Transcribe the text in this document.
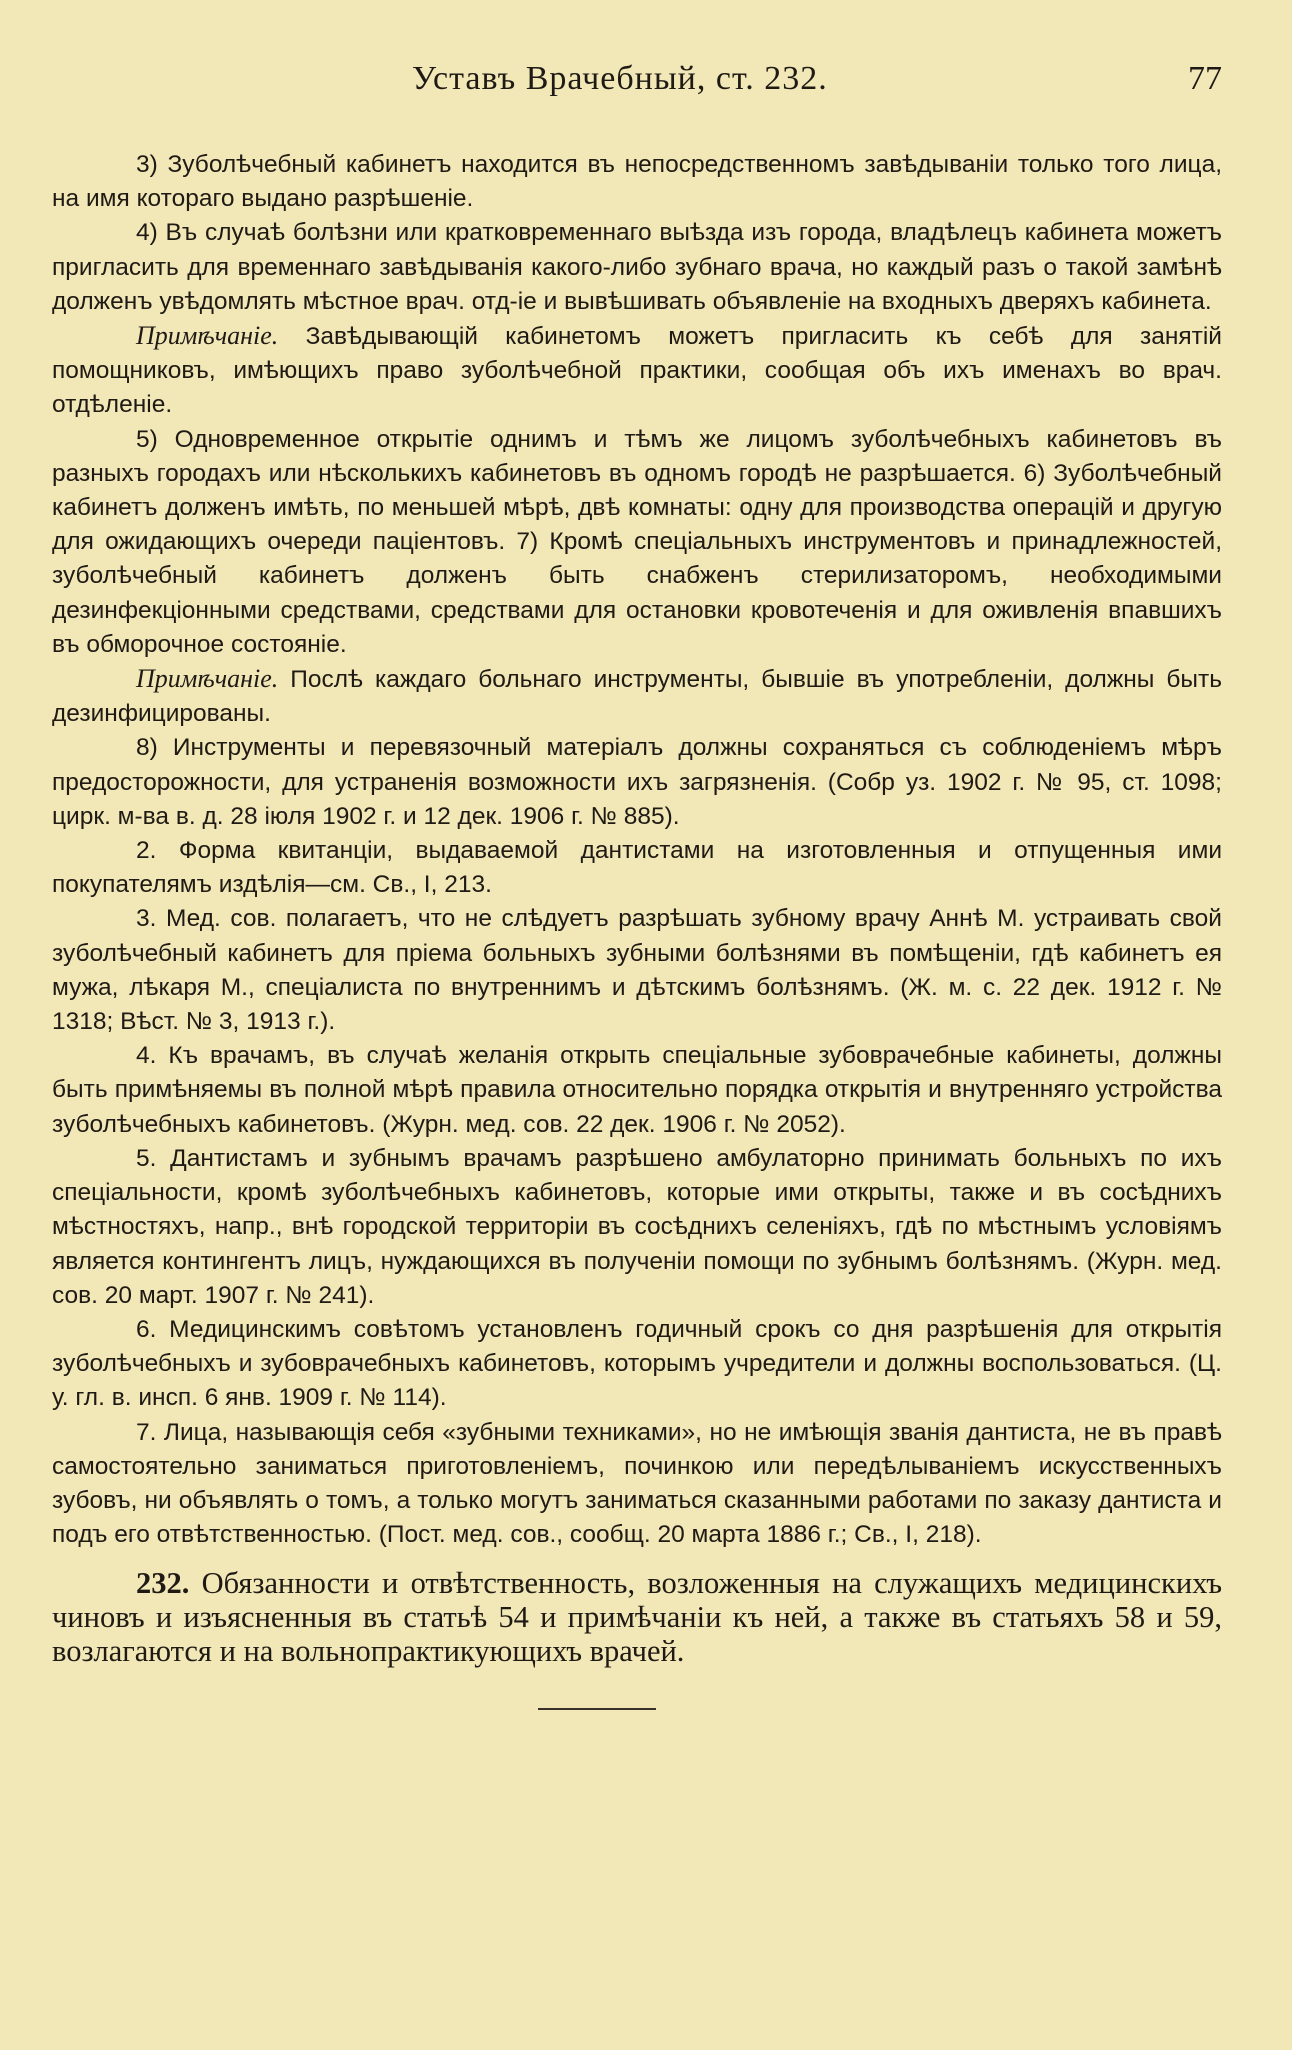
Уставъ Врачебный, ст. 232.	77

3) Зуболѣчебный кабинетъ находится въ непосредственномъ завѣдываніи только того лица, на имя котораго выдано разрѣшеніе.

4) Въ случаѣ болѣзни или кратковременнаго выѣзда изъ города, владѣлецъ кабинета можетъ пригласить для временнаго завѣдыванія какого-либо зубнаго врача, но каждый разъ о такой замѣнѣ долженъ увѣдомлять мѣстное врач. отд-іе и вывѣшивать объявленіе на входныхъ дверяхъ кабинета.

Примѣчаніе. Завѣдывающій кабинетомъ можетъ пригласить къ себѣ для занятій помощниковъ, имѣющихъ право зуболѣчебной практики, сообщая объ ихъ именахъ во врач. отдѣленіе.

5) Одновременное открытіе однимъ и тѣмъ же лицомъ зуболѣчебныхъ кабинетовъ въ разныхъ городахъ или нѣсколькихъ кабинетовъ въ одномъ городѣ не разрѣшается. 6) Зуболѣчебный кабинетъ долженъ имѣть, по меньшей мѣрѣ, двѣ комнаты: одну для производства операцій и другую для ожидающихъ очереди паціентовъ. 7) Кромѣ спеціальныхъ инструментовъ и принадлежностей, зуболѣчебный кабинетъ долженъ быть снабженъ стерилизаторомъ, необходимыми дезинфекціонными средствами, средствами для остановки кровотеченія и для оживленія впавшихъ въ обморочное состояніе.

Примѣчаніе. Послѣ каждаго больнаго инструменты, бывшіе въ употребленіи, должны быть дезинфицированы.

8) Инструменты и перевязочный матеріалъ должны сохраняться съ соблюденіемъ мѣръ предосторожности, для устраненія возможности ихъ загрязненія. (Собр уз. 1902 г. № 95, ст. 1098; цирк. м-ва в. д. 28 іюля 1902 г. и 12 дек. 1906 г. № 885).

2. Форма квитанціи, выдаваемой дантистами на изготовленныя и отпущенныя ими покупателямъ издѣлія—см. Св., I, 213.

3. Мед. сов. полагаетъ, что не слѣдуетъ разрѣшать зубному врачу Аннѣ М. устраивать свой зуболѣчебный кабинетъ для пріема больныхъ зубными болѣзнями въ помѣщеніи, гдѣ кабинетъ ея мужа, лѣкаря М., спеціалиста по внутреннимъ и дѣтскимъ болѣзнямъ. (Ж. м. с. 22 дек. 1912 г. № 1318; Вѣст. № 3, 1913 г.).

4. Къ врачамъ, въ случаѣ желанія открыть спеціальные зубоврачебные кабинеты, должны быть примѣняемы въ полной мѣрѣ правила относительно порядка открытія и внутренняго устройства зуболѣчебныхъ кабинетовъ. (Журн. мед. сов. 22 дек. 1906 г. № 2052).

5. Дантистамъ и зубнымъ врачамъ разрѣшено амбулаторно принимать больныхъ по ихъ спеціальности, кромѣ зуболѣчебныхъ кабинетовъ, которые ими открыты, также и въ сосѣднихъ мѣстностяхъ, напр., внѣ городской территоріи въ сосѣднихъ селеніяхъ, гдѣ по мѣстнымъ условіямъ является контингентъ лицъ, нуждающихся въ полученіи помощи по зубнымъ болѣзнямъ. (Журн. мед. сов. 20 март. 1907 г. № 241).

6. Медицинскимъ совѣтомъ установленъ годичный срокъ со дня разрѣшенія для открытія зуболѣчебныхъ и зубоврачебныхъ кабинетовъ, которымъ учредители и должны воспользоваться. (Ц. у. гл. в. инсп. 6 янв. 1909 г. № 114).

7. Лица, называющія себя «зубными техниками», но не имѣющія званія дантиста, не въ правѣ самостоятельно заниматься приготовленіемъ, починкою или передѣлываніемъ искусственныхъ зубовъ, ни объявлять о томъ, а только могутъ заниматься сказанными работами по заказу дантиста и подъ его отвѣтственностью. (Пост. мед. сов., сообщ. 20 марта 1886 г.; Св., I, 218).

232. Обязанности и отвѣтственность, возложенныя на служащихъ медицинскихъ чиновъ и изъясненныя въ статьѣ 54 и примѣчаніи къ ней, а также въ статьяхъ 58 и 59, возлагаются и на вольнопрактикующихъ врачей.
